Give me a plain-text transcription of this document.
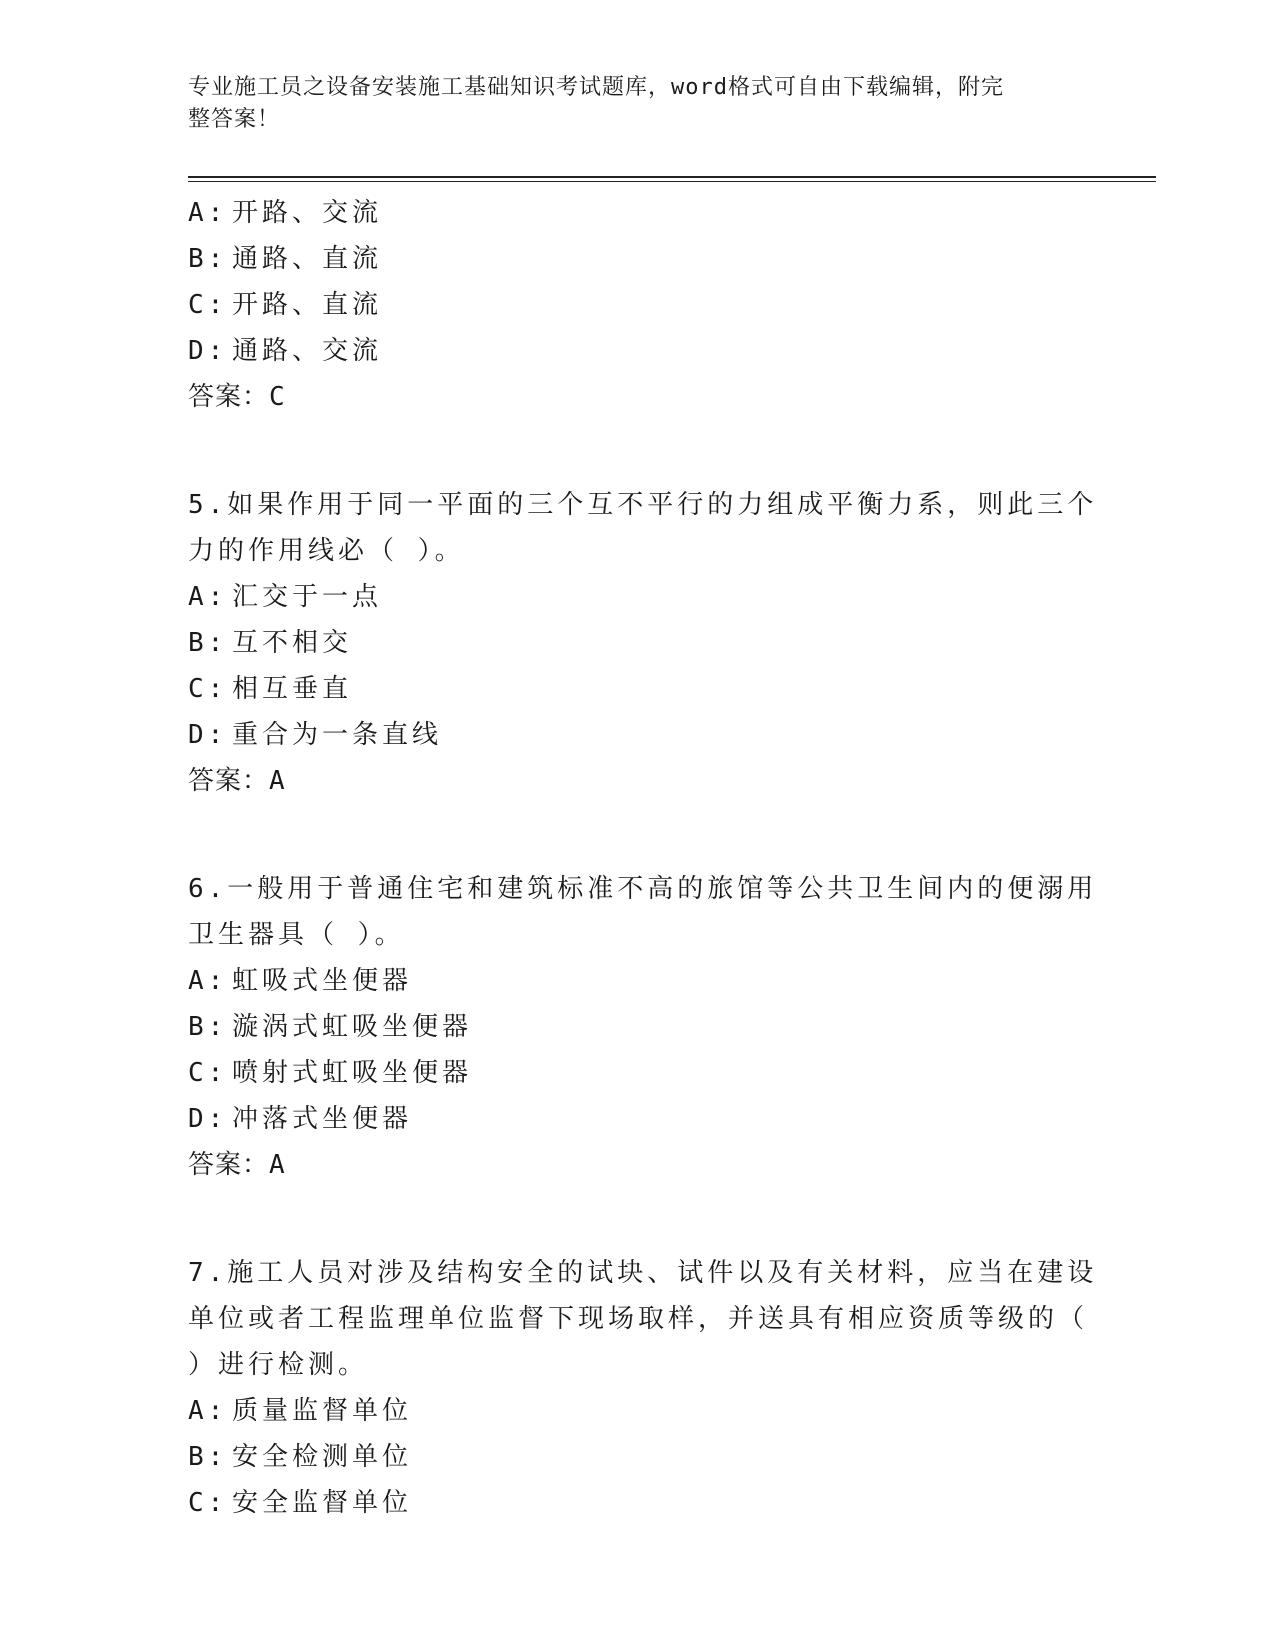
专业施工员之设备安装施工基础知识考试题库，word格式可自由下载编辑，附完
整答案！
A: 开路、交流
B: 通路、直流
C: 开路、直流
D: 通路、交流
答案：C
5.如果作用于同一平面的三个互不平行的力组成平衡力系，则此三个
力的作用线必（ ）。
A: 汇交于一点
B: 互不相交
C: 相互垂直
D: 重合为一条直线
答案：A
6.一般用于普通住宅和建筑标准不高的旅馆等公共卫生间内的便溺用
卫生器具（ ）。
A: 虹吸式坐便器
B: 漩涡式虹吸坐便器
C: 喷射式虹吸坐便器
D: 冲落式坐便器
答案：A
7.施工人员对涉及结构安全的试块、试件以及有关材料，应当在建设
单位或者工程监理单位监督下现场取样，并送具有相应资质等级的（
）进行检测。
A: 质量监督单位
B: 安全检测单位
C: 安全监督单位
